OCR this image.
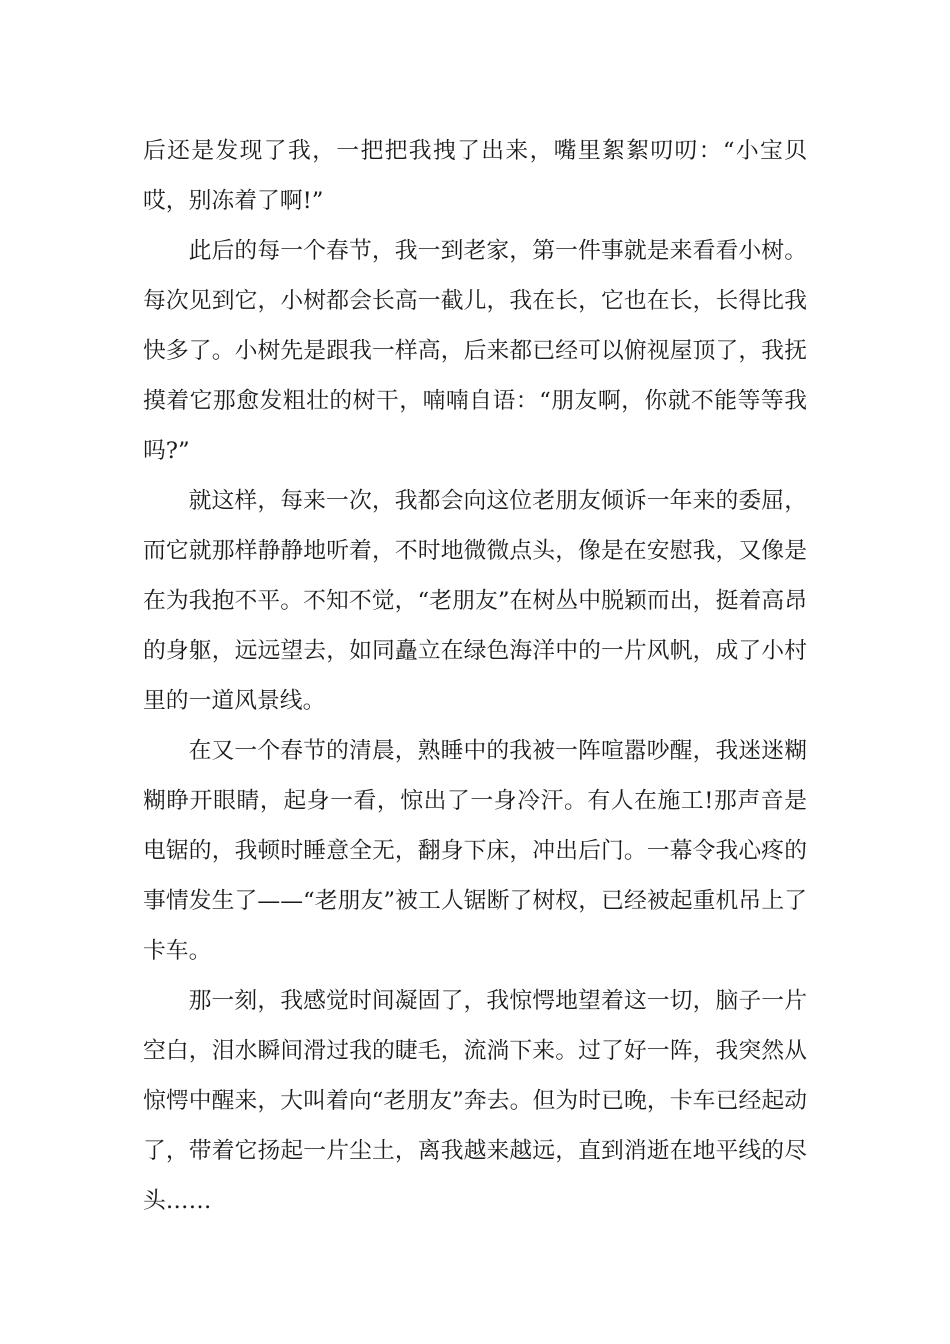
后还是发现了我，一把把我拽了出来，嘴里絮絮叨叨：“小宝贝哎，别冻着了啊!”

此后的每一个春节，我一到老家，第一件事就是来看看小树。每次见到它，小树都会长高一截儿，我在长，它也在长，长得比我快多了。小树先是跟我一样高，后来都已经可以俯视屋顶了，我抚摸着它那愈发粗壮的树干，喃喃自语：“朋友啊，你就不能等等我吗?”

就这样，每来一次，我都会向这位老朋友倾诉一年来的委屈，而它就那样静静地听着，不时地微微点头，像是在安慰我，又像是在为我抱不平。不知不觉，“老朋友”在树丛中脱颖而出，挺着高昂的身躯，远远望去，如同矗立在绿色海洋中的一片风帆，成了小村里的一道风景线。

在又一个春节的清晨，熟睡中的我被一阵喧嚣吵醒，我迷迷糊糊睁开眼睛，起身一看，惊出了一身冷汗。有人在施工!那声音是电锯的，我顿时睡意全无，翻身下床，冲出后门。一幕令我心疼的事情发生了——“老朋友”被工人锯断了树杈，已经被起重机吊上了卡车。

那一刻，我感觉时间凝固了，我惊愕地望着这一切，脑子一片空白，泪水瞬间滑过我的睫毛，流淌下来。过了好一阵，我突然从惊愕中醒来，大叫着向“老朋友”奔去。但为时已晚，卡车已经起动了，带着它扬起一片尘土，离我越来越远，直到消逝在地平线的尽头……
